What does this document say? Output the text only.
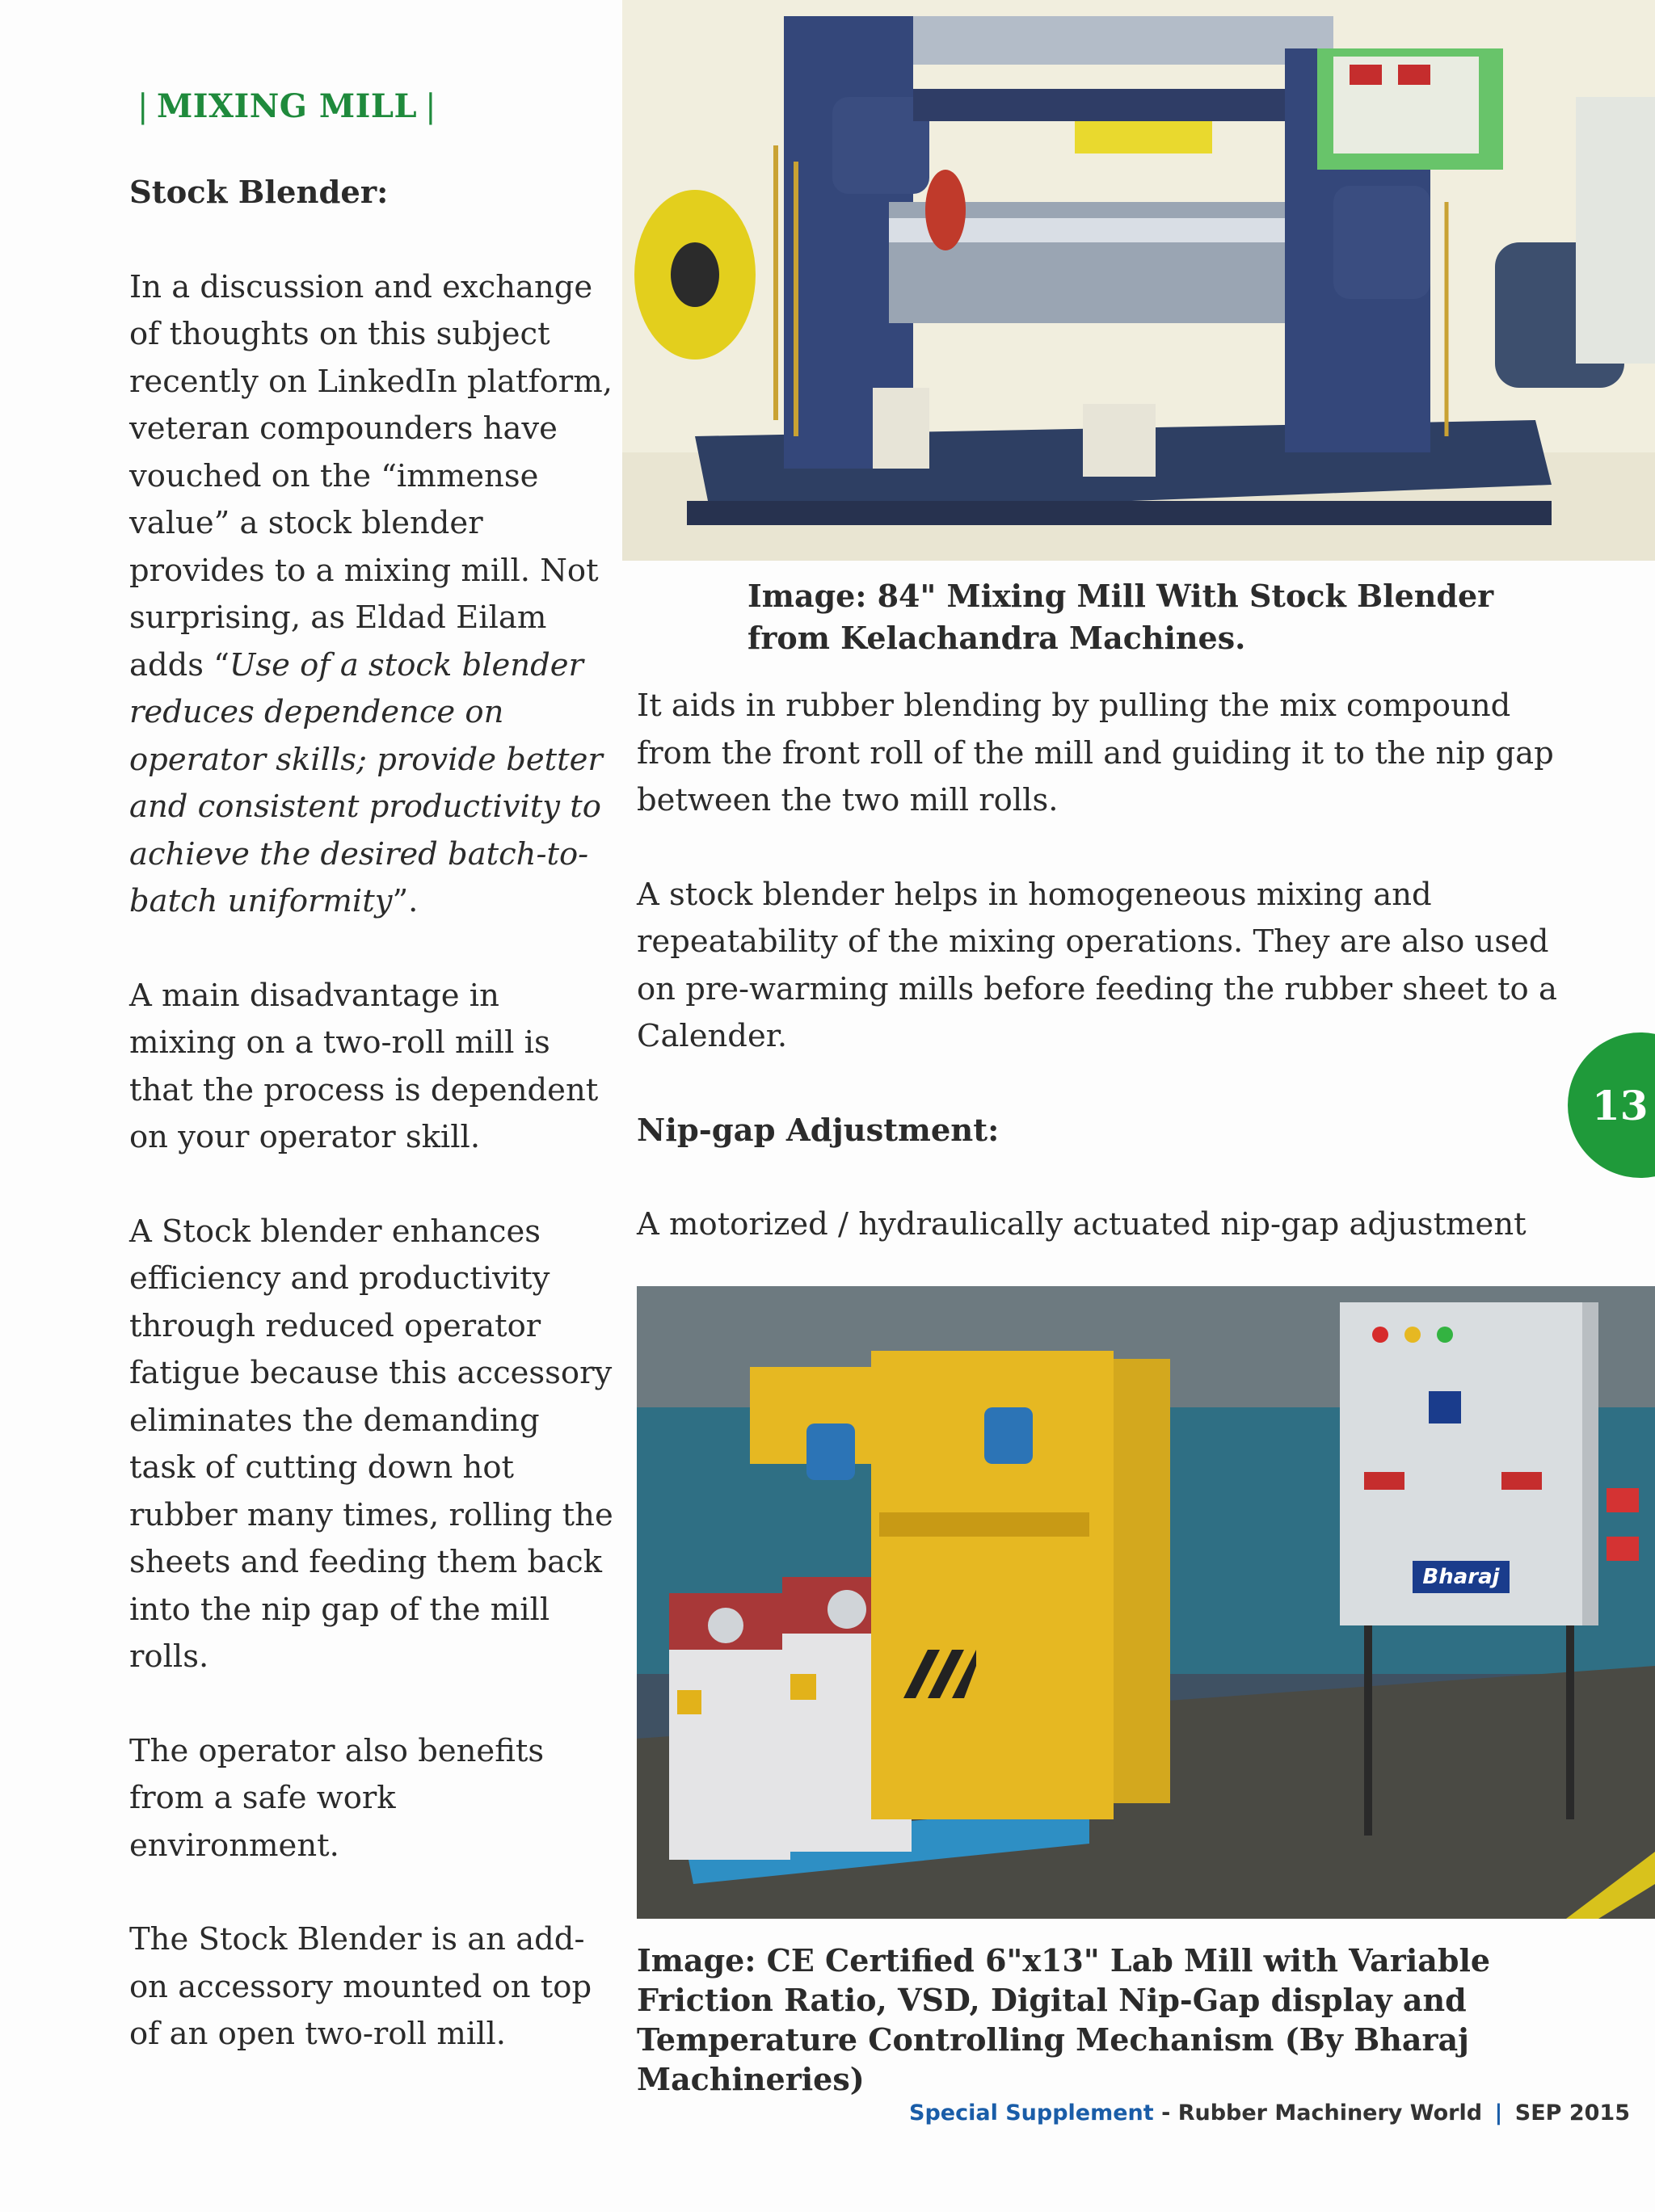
| MIXING MILL |

Stock Blender:

In a discussion and exchange of thoughts on this subject recently on LinkedIn platform, veteran compounders have vouched on the “immense value” a stock blender provides to a mixing mill. Not surprising, as Eldad Eilam adds “Use of a stock blender reduces dependence on operator skills; provide better and consistent productivity to achieve the desired batch-to-batch uniformity”.

A main disadvantage in mixing on a two-roll mill is that the process is dependent on your operator skill.

A Stock blender enhances efficiency and productivity through reduced operator fatigue because this accessory eliminates the demanding task of cutting down hot rubber many times, rolling the sheets and feeding them back into the nip gap of the mill rolls.

The operator also benefits from a safe work environment.

The Stock Blender is an add-on accessory mounted on top of an open two-roll mill.

Image: 84" Mixing Mill With Stock Blender from Kelachandra Machines.

It aids in rubber blending by pulling the mix compound from the front roll of the mill and guiding it to the nip gap between the two mill rolls.

A stock blender helps in homogeneous mixing and repeatability of the mixing operations. They are also used on pre-warming mills before feeding the rubber sheet to a Calender.

Nip-gap Adjustment:

A motorized / hydraulically actuated nip-gap adjustment

13
Bharaj
Image: CE Certified 6"x13" Lab Mill with Variable Friction Ratio, VSD, Digital Nip-Gap display and Temperature Controlling Mechanism (By Bharaj Machineries)
Special Supplement - Rubber Machinery World | SEP 2015
